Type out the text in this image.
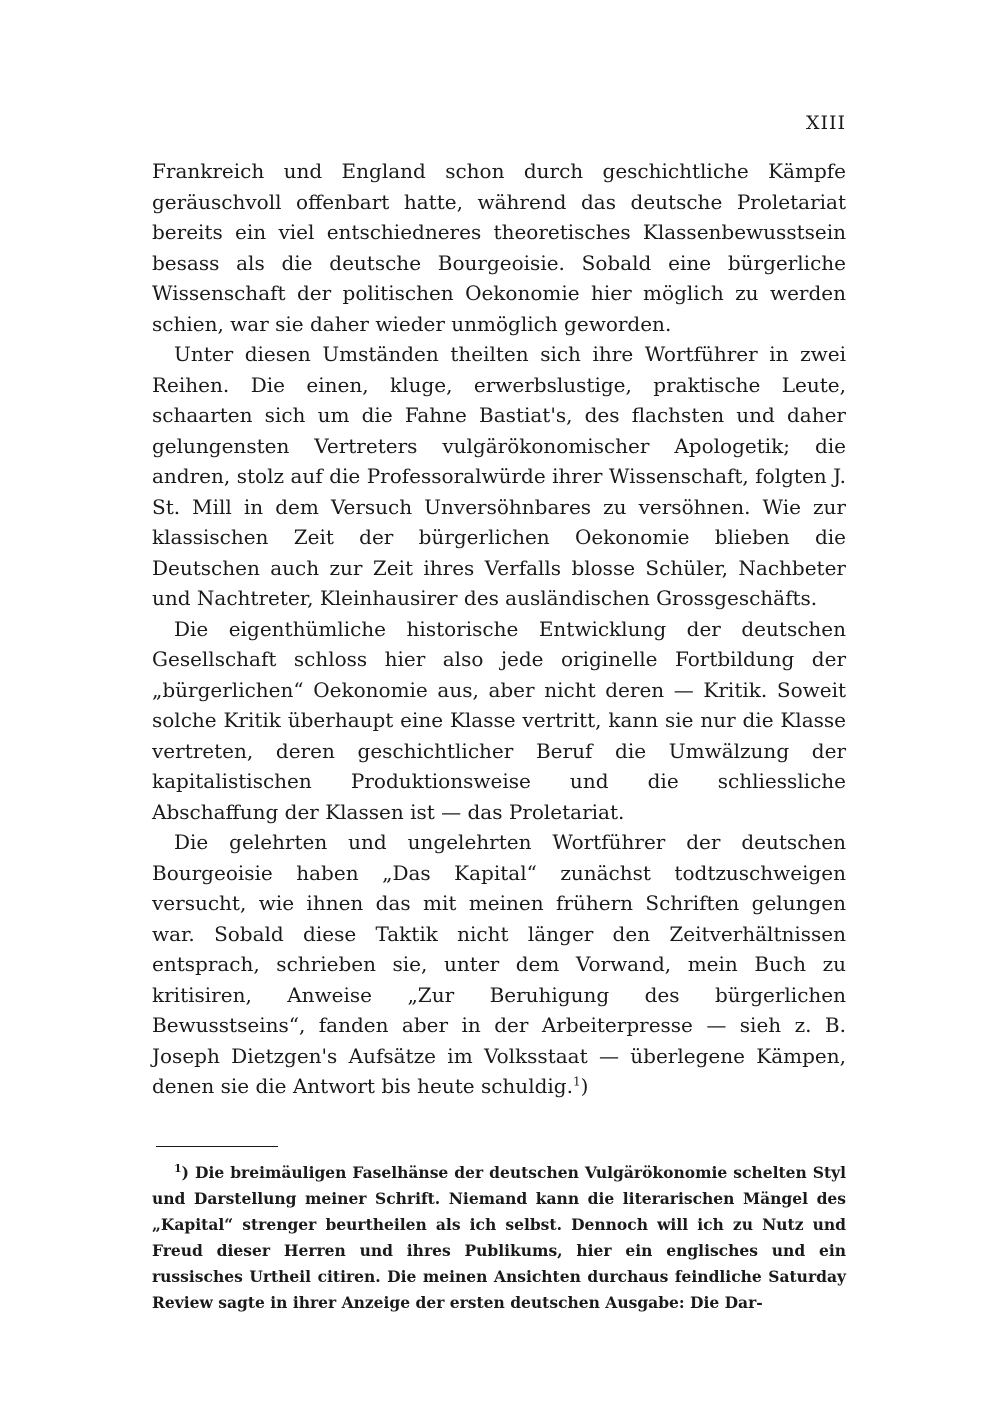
XIII

Frankreich und England schon durch geschichtliche Kämpfe geräuschvoll offenbart hatte, während das deutsche Proletariat bereits ein viel entschiedneres theoretisches Klassenbewusstsein besass als die deutsche Bourgeoisie. Sobald eine bürgerliche Wissenschaft der politischen Oekonomie hier möglich zu werden schien, war sie daher wieder unmöglich geworden.

Unter diesen Umständen theilten sich ihre Wortführer in zwei Reihen. Die einen, kluge, erwerbslustige, praktische Leute, schaarten sich um die Fahne Bastiat's, des flachsten und daher gelungensten Vertreters vulgärökonomischer Apologetik; die andren, stolz auf die Professoralwürde ihrer Wissenschaft, folgten J. St. Mill in dem Versuch Unversöhnbares zu versöhnen. Wie zur klassischen Zeit der bürgerlichen Oekonomie blieben die Deutschen auch zur Zeit ihres Verfalls blosse Schüler, Nachbeter und Nachtreter, Kleinhausirer des ausländischen Grossgeschäfts.

Die eigenthümliche historische Entwicklung der deutschen Gesellschaft schloss hier also jede originelle Fortbildung der „bürgerlichen“ Oekonomie aus, aber nicht deren — Kritik. Soweit solche Kritik überhaupt eine Klasse vertritt, kann sie nur die Klasse vertreten, deren geschichtlicher Beruf die Umwälzung der kapitalistischen Produktionsweise und die schliessliche Abschaffung der Klassen ist — das Proletariat.

Die gelehrten und ungelehrten Wortführer der deutschen Bourgeoisie haben „Das Kapital“ zunächst todtzuschweigen versucht, wie ihnen das mit meinen frühern Schriften gelungen war. Sobald diese Taktik nicht länger den Zeitverhältnissen entsprach, schrieben sie, unter dem Vorwand, mein Buch zu kritisiren, Anweise „Zur Beruhigung des bürgerlichen Bewusstseins“, fanden aber in der Arbeiterpresse — sieh z. B. Joseph Dietzgen's Aufsätze im Volksstaat — überlegene Kämpen, denen sie die Antwort bis heute schuldig.$^1$)

$^1$) Die breimäuligen Faselhänse der deutschen Vulgärökonomie schelten Styl und Darstellung meiner Schrift. Niemand kann die literarischen Mängel des „Kapital“ strenger beurtheilen als ich selbst. Dennoch will ich zu Nutz und Freud dieser Herren und ihres Publikums, hier ein englisches und ein russisches Urtheil citiren. Die meinen Ansichten durchaus feindliche Saturday Review sagte in ihrer Anzeige der ersten deutschen Ausgabe: Die Dar-
